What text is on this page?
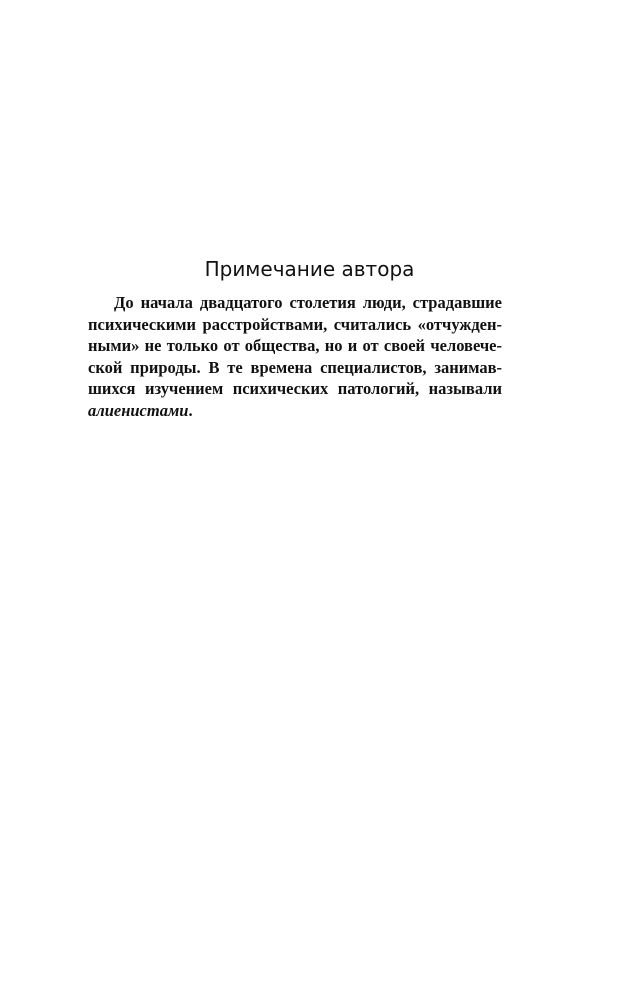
Примечание автора
До начала двадцатого столетия люди, страдавшие
психическими расстройствами, считались «отчужден-
ными» не только от общества, но и от своей человече-
ской природы. В те времена специалистов, занимав-
шихся изучением психических патологий, называли
алиенистами.
